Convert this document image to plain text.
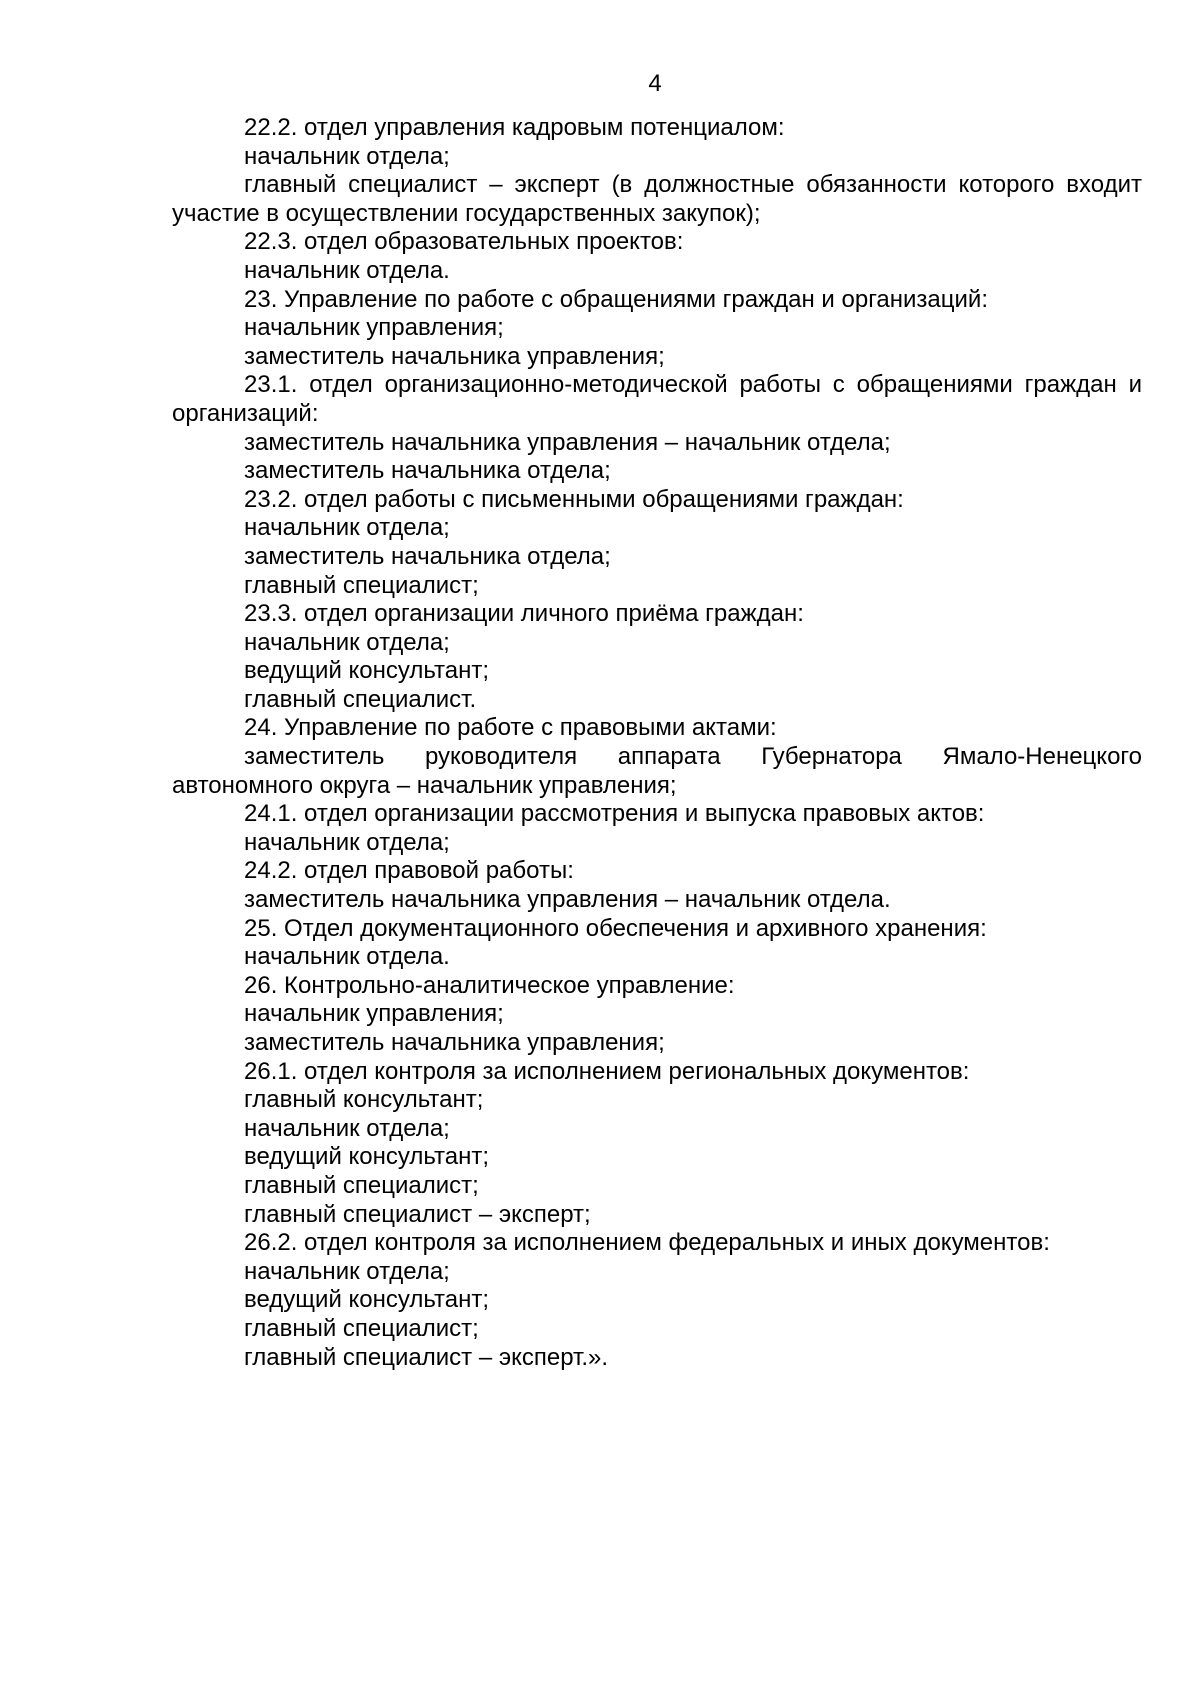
4

22.2. отдел управления кадровым потенциалом:

начальник отдела;

главный специалист – эксперт (в должностные обязанности которого входит участие в осуществлении государственных закупок);

22.3. отдел образовательных проектов:

начальник отдела.

23. Управление по работе с обращениями граждан и организаций:

начальник управления;

заместитель начальника управления;

23.1. отдел организационно-методической работы с обращениями граждан и организаций:

заместитель начальника управления – начальник отдела;

заместитель начальника отдела;

23.2. отдел работы с письменными обращениями граждан:

начальник отдела;

заместитель начальника отдела;

главный специалист;

23.3. отдел организации личного приёма граждан:

начальник отдела;

ведущий консультант;

главный специалист.

24. Управление по работе с правовыми актами:

заместитель руководителя аппарата Губернатора Ямало-Ненецкого автономного округа – начальник управления;

24.1. отдел организации рассмотрения и выпуска правовых актов:

начальник отдела;

24.2. отдел правовой работы:

заместитель начальника управления – начальник отдела.

25. Отдел документационного обеспечения и архивного хранения:

начальник отдела.

26. Контрольно-аналитическое управление:

начальник управления;

заместитель начальника управления;

26.1. отдел контроля за исполнением региональных документов:

главный консультант;

начальник отдела;

ведущий консультант;

главный специалист;

главный специалист – эксперт;

26.2. отдел контроля за исполнением федеральных и иных документов:

начальник отдела;

ведущий консультант;

главный специалист;

главный специалист – эксперт.».
